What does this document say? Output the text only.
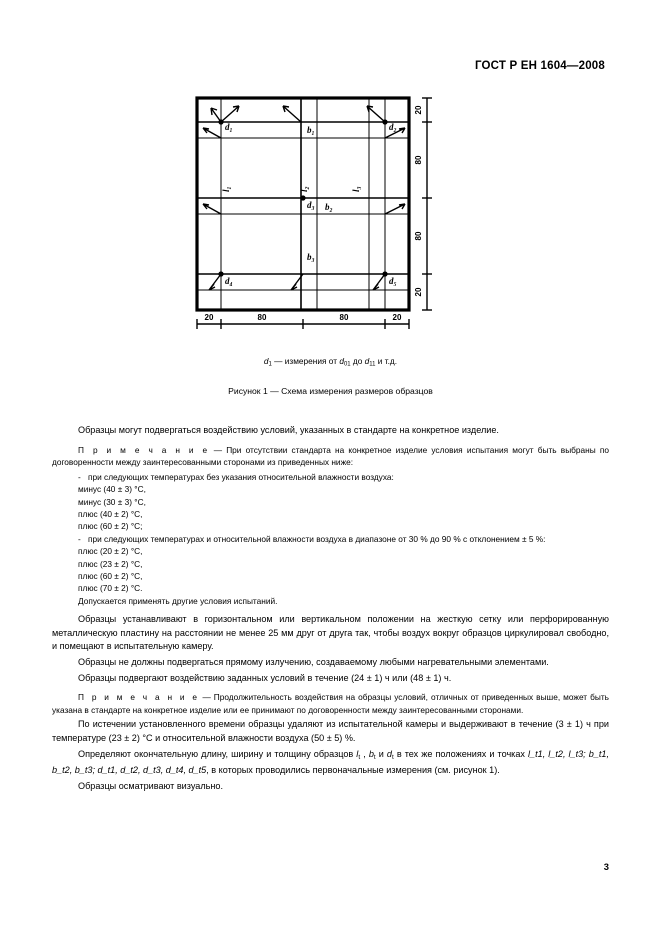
ГОСТ Р ЕН 1604—2008
d₁	d₂
b₁
d₃ b₂
d₄	d₅
b₃
l₁	l₂	l₃
20	80	80	20
20
80
80
20
$d_1$ — измерения от $d_{01}$ до $d_{11}$ и т.д.
Рисунок 1 — Схема измерения размеров образцов

Образцы могут подвергаться воздействию условий, указанных в стандарте на конкретное изделие.

П р и м е ч а н и е — При отсутствии стандарта на конкретное изделие условия испытания могут быть выбраны по договоренности между заинтересованными сторонами из приведенных ниже:

- при следующих температурах без указания относительной влажности воздуха:

минус (40 ± 3) °С,

минус (30 ± 3) °С,

плюс (40 ± 2) °С,

плюс (60 ± 2) °С;

- при следующих температурах и относительной влажности воздуха в диапазоне от 30 % до 90 % с отклонением ± 5 %:

плюс (20 ± 2) °С,

плюс (23 ± 2) °С,

плюс (60 ± 2) °С,

плюс (70 ± 2) °С.

Допускается применять другие условия испытаний.

Образцы устанавливают в горизонтальном или вертикальном положении на жесткую сетку или перфорированную металлическую пластину на расстоянии не менее 25 мм друг от друга так, чтобы воздух вокруг образцов циркулировал свободно, и помещают в испытательную камеру.

Образцы не должны подвергаться прямому излучению, создаваемому любыми нагревательными элементами.

Образцы подвергают воздействию заданных условий в течение (24 ± 1) ч или (48 ± 1) ч.

П р и м е ч а н и е — Продолжительность воздействия на образцы условий, отличных от приведенных выше, может быть указана в стандарте на конкретное изделие или ее принимают по договоренности между заинтересованными сторонами.

По истечении установленного времени образцы удаляют из испытательной камеры и выдерживают в течение (3 ± 1) ч при температуре (23 ± 2) °С и относительной влажности воздуха (50 ± 5) %.

Определяют окончательную длину, ширину и толщину образцов $l_t$ , $b_t$ и $d_t$ в тех же положениях и точках l_t1, l_t2, l_t3; b_t1, b_t2, b_t3; d_t1, d_t2, d_t3, d_t4, d_t5, в которых проводились первоначальные измерения (см. рисунок 1).

Образцы осматривают визуально.

3
